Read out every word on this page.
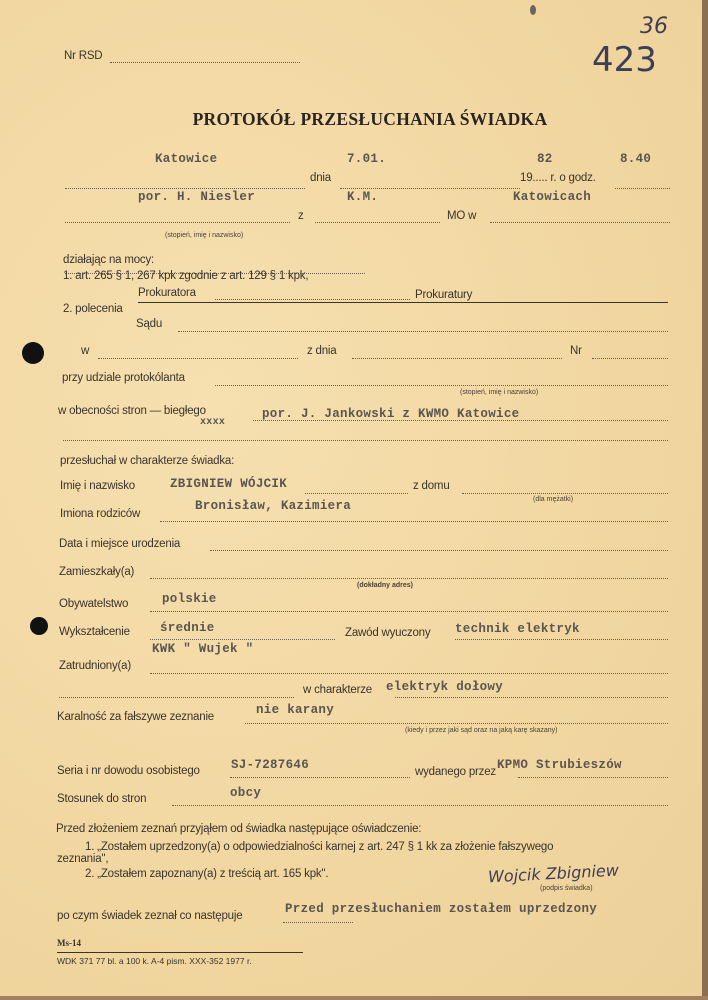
Nr RSD
36
423
PROTOKÓŁ PRZESŁUCHANIA ŚWIADKA
Katowice	7.01.	82	8.40
dnia	19..... r. o godz.
por. H. Niesler	K.M.	Katowicach
z	MO w
(stopień, imię i nazwisko)
działając na mocy:
1. art. 265 § 1, 267 kpk zgodnie z art. 129 § 1 kpk,
Prokuratora	Prokuratury
2. polecenia
Sądu
w	z dnia	Nr
przy udziale protokólanta
(stopień, imię i nazwisko)
w obecności stron — biegłego
xxxx
por. J. Jankowski z KWMO Katowice
przesłuchał w charakterze świadka:
Imię i nazwisko	ZBIGNIEW WÓJCIK	z domu
(dla mężatki)
Imiona rodziców
Bronisław, Kazimiera
Data i miejsce urodzenia
Zamieszkały(a)
(dokładny adres)
Obywatelstwo	polskie
Wykształcenie średnie	Zawód wyuczony technik elektryk
KWK " Wujek "
Zatrudniony(a)
w charakterze elektryk dołowy
Karalność za fałszywe zeznanie	nie karany
(kiedy i przez jaki sąd oraz na jaką karę skazany)
Seria i nr dowodu osobistego	SJ-7287646	wydanego przez KPMO Strubieszów
Stosunek do stron	obcy
Przed złożeniem zeznań przyjąłem od świadka następujące oświadczenie:
1. „Zostałem uprzedzony(a) o odpowiedzialności karnej z art. 247 § 1 kk za złożenie fałszywego
zeznania",
2. „Zostałem zapoznany(a) z treścią art. 165 kpk".	Wojcik Zbigniew
(podpis świadka)
po czym świadek zeznał co następuje	Przed przesłuchaniem zostałem uprzedzony
Ms-14
WDK 371 77 bl. a 100 k. A-4 pism. XXX-352 1977 r.
